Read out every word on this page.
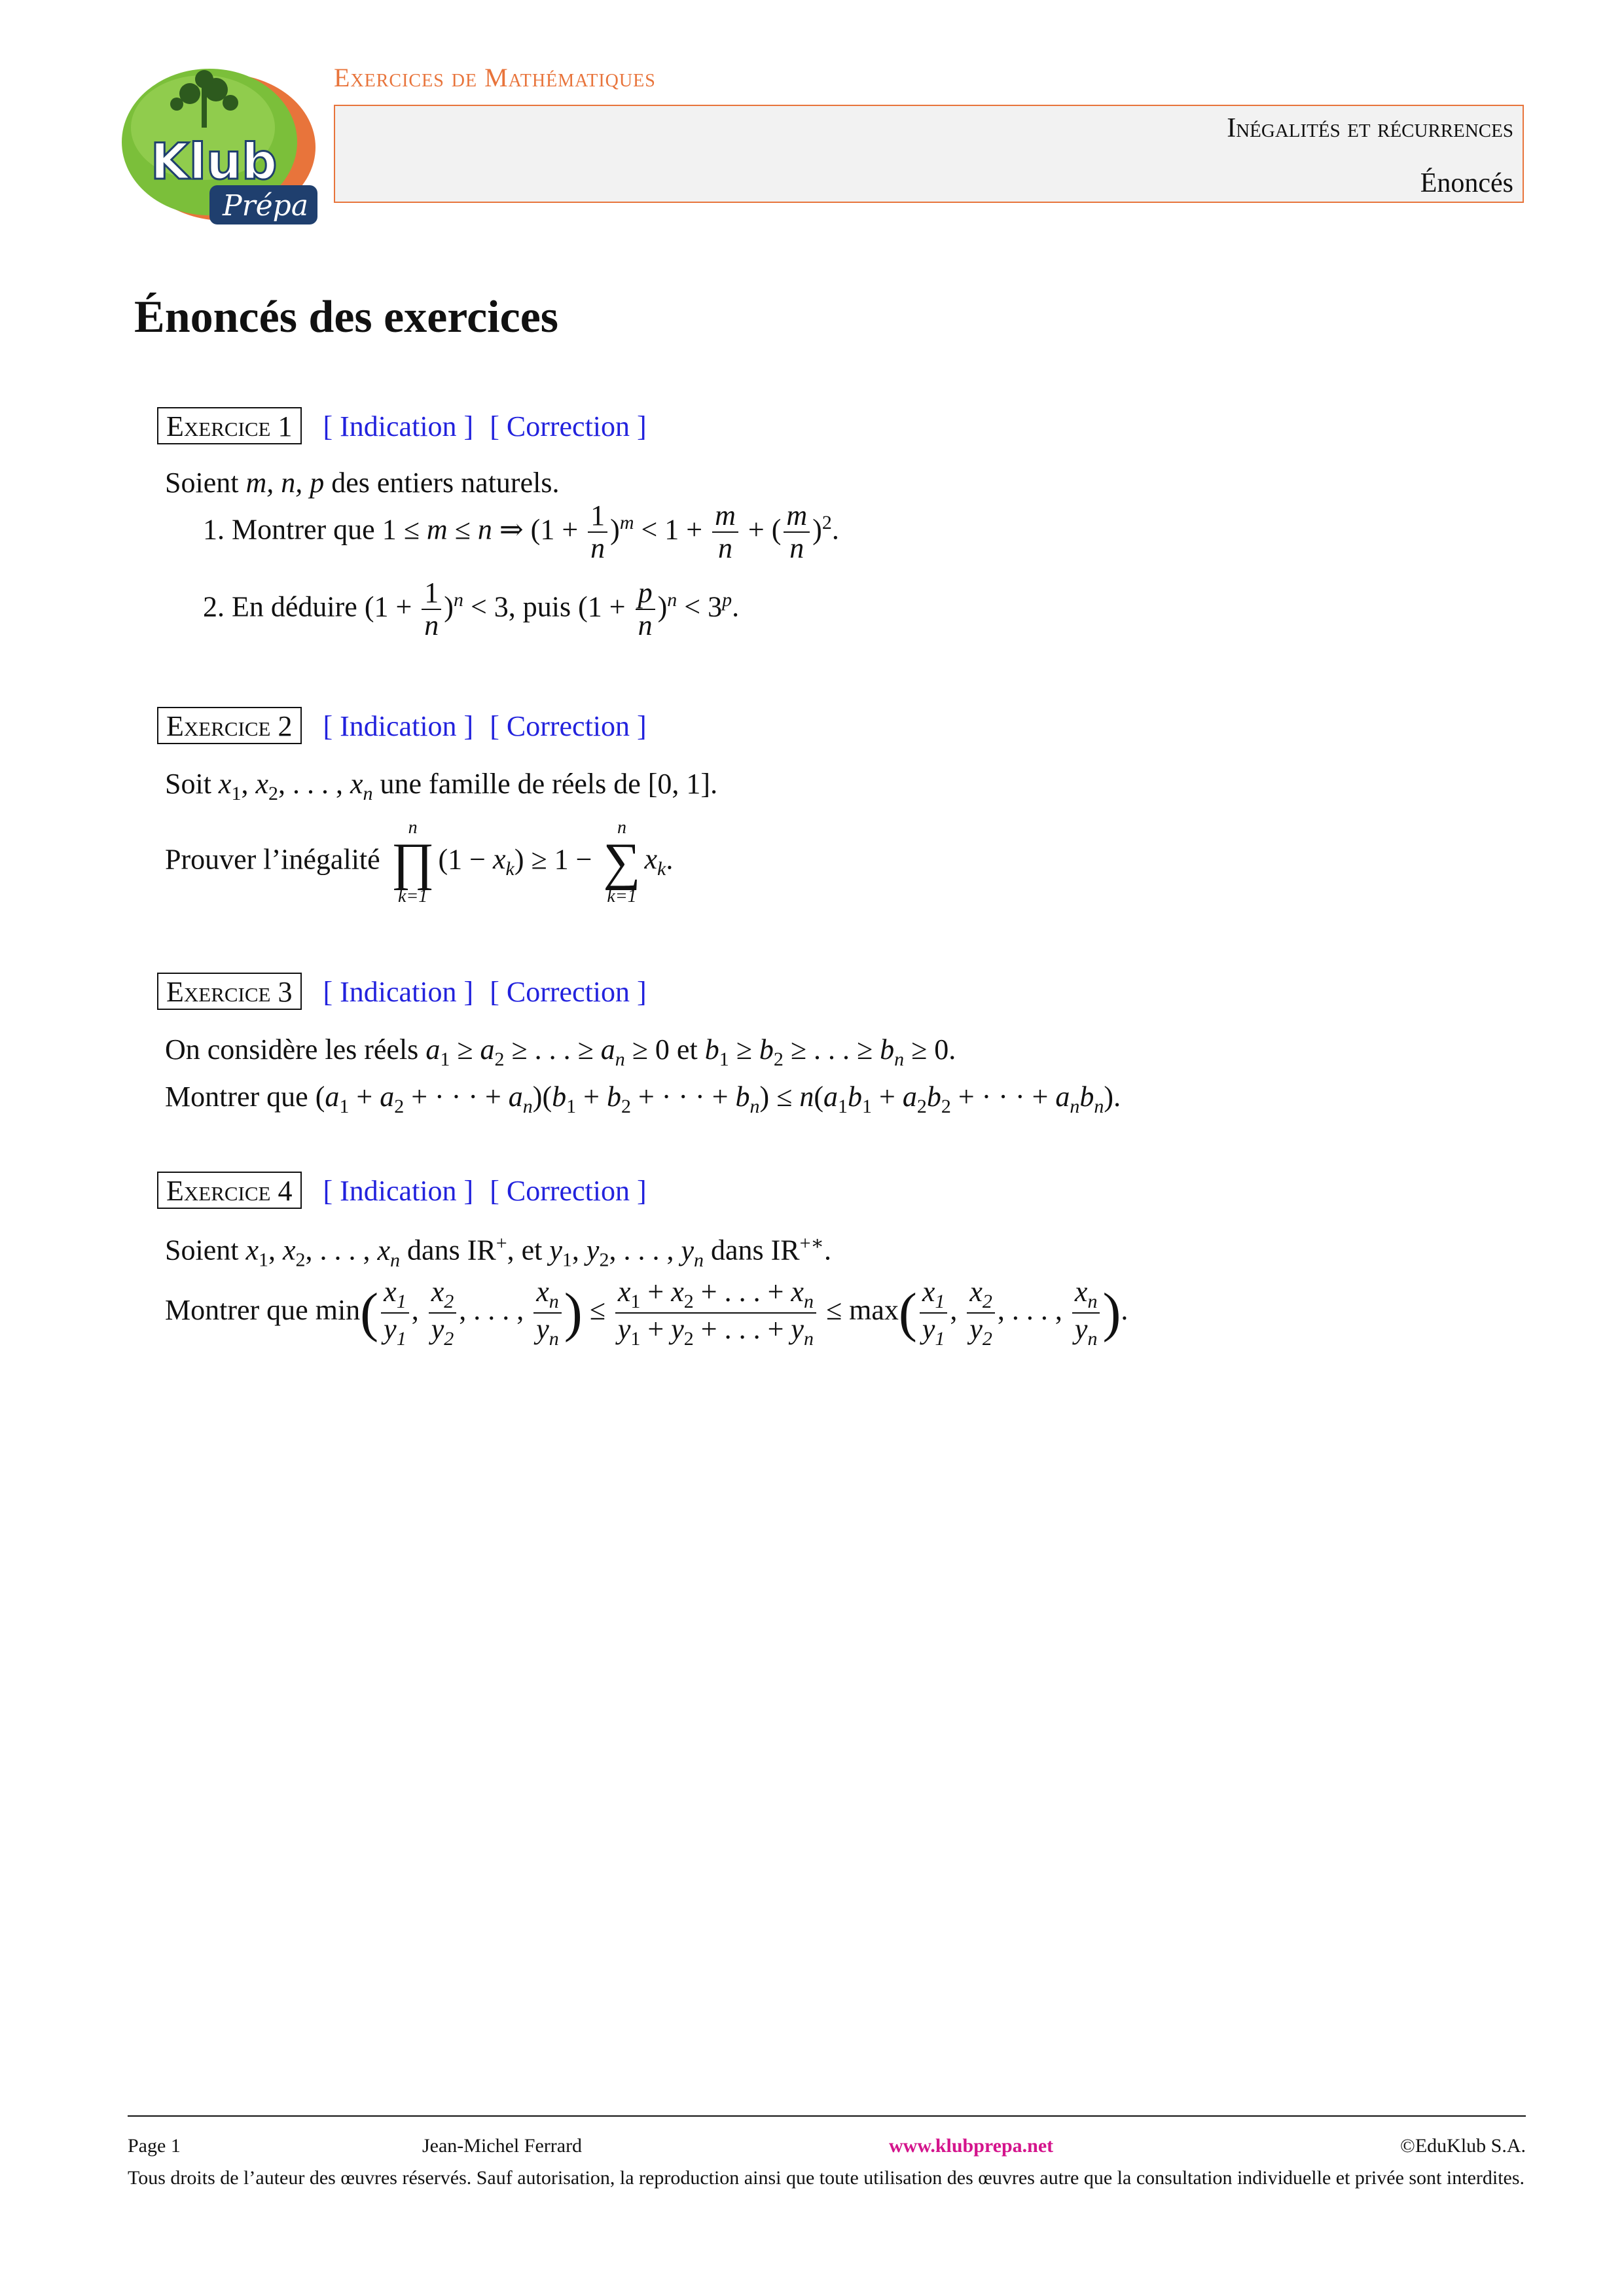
Klub
Prépa
Exercices de Mathématiques
Inégalités et récurrences
Énoncés
Énoncés des exercices
Exercice 1 [ Indication ] [ Correction ]
Soient m, n, p des entiers naturels.
1. Montrer que 1 ≤ m ≤ n ⇒ $(1 + \frac{1}{n} )^m < 1 + \frac{m}{n}$ + ( $\frac{m}{n} )^2$.
2. En déduire $(1 + \frac{1}{n} )^n < 3$, puis $(1 + \frac{p}{n} )^n < 3^p$.
Exercice 2 [ Indication ] [ Correction ]
Soit $x_1$, $x_2$, . . . , $x_n$ une famille de réels de [0, 1].
Prouver l’inégalité
n
∏
k=1
$(1 - x_k) \ge 1$ −
n
∑
k=1
$x_k$.
Exercice 3 [ Indication ] [ Correction ]
On considère les réels $a_1 \ge a_2$ ≥ . . . ≥ $a_n \ge 0$ et $b_1 \ge b_2$ ≥ . . . ≥ $b_n \ge 0$.
Montrer que ($a_1 + a_2$ + · · · + $a_n)(b_1 + b_2$ + · · · + $b_n) \le n(a_1b_1 + a_2b_2$ + · · · + $a_nb_n$).
Exercice 4 [ Indication ] [ Correction ]
Soient $x_1$, $x_2$, . . . , $x_n$ dans IR+, et $y_1$, $y_2$, . . . , $y_n$ dans IR+∗.
Montrer que $\min( \frac{x_1}{y_1}$ , $\frac{x_2}{y_2}$ , . . . , $\frac{x_n}{y_n}$ ) ≤ $\frac{x_1 + x_2 + . . . + x_n}{y_1 + y_2 + . . . + y_n} \le \max( \frac{x_1}{y_1}$ , $\frac{x_2}{y_2}$ , . . . , $\frac{x_n}{y_n}$ ).
Page 1	Jean-Michel Ferrard	www.klubprepa.net	©EduKlub S.A.
Tous droits de l’auteur des œuvres réservés. Sauf autorisation, la reproduction ainsi que toute utilisation des œuvres autre que la consultation individuelle et privée sont interdites.
